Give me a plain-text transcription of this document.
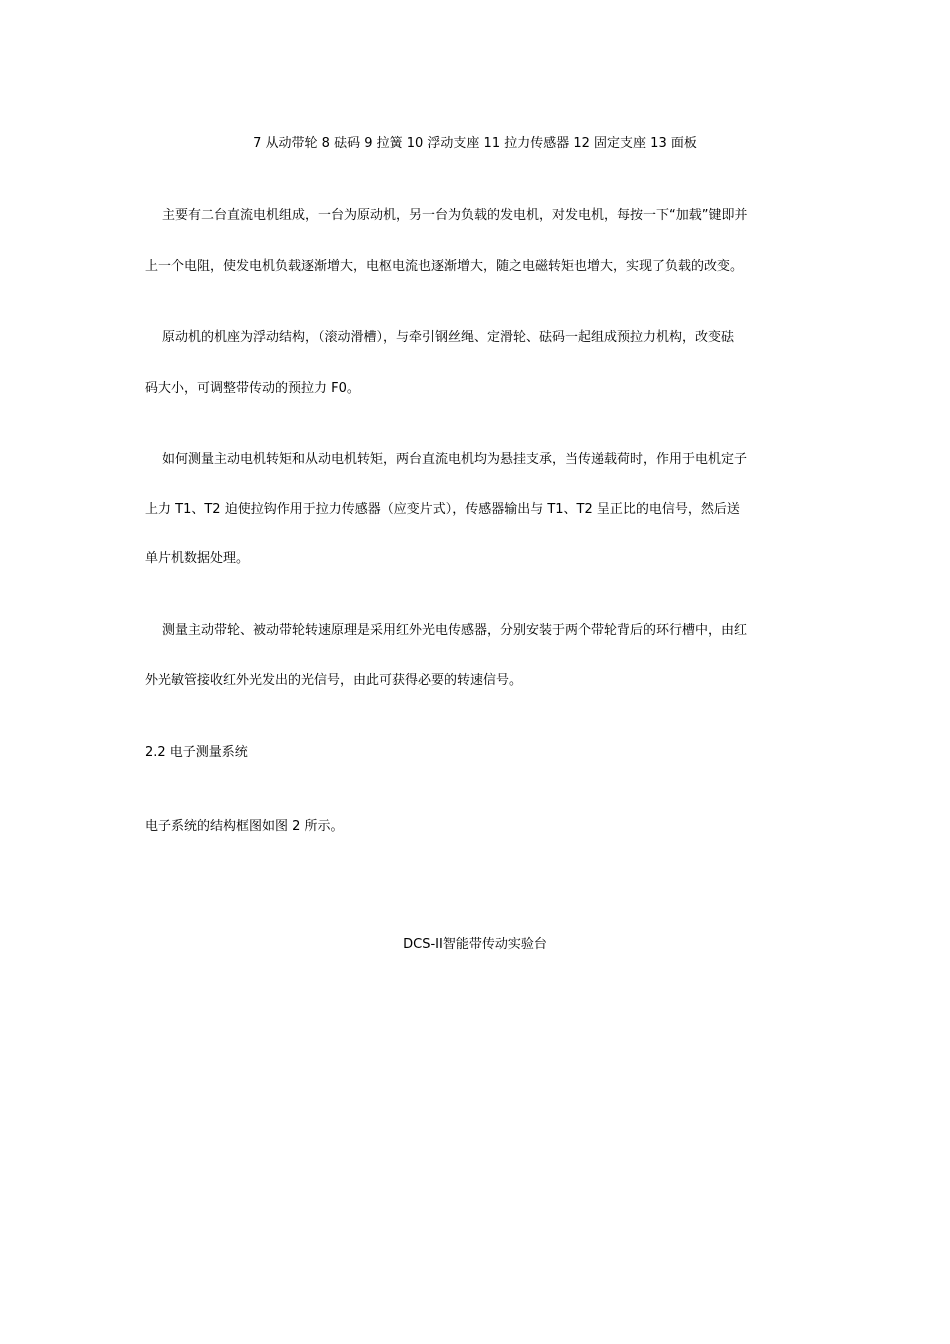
7 从动带轮 8 砝码 9 拉簧 10 浮动支座 11 拉力传感器 12 固定支座 13 面板
主要有二台直流电机组成，一台为原动机，另一台为负载的发电机，对发电机，每按一下“加载”键即并
上一个电阻，使发电机负载逐渐增大，电枢电流也逐渐增大，随之电磁转矩也增大，实现了负载的改变。
原动机的机座为浮动结构，（滚动滑槽），与牵引钢丝绳、定滑轮、砝码一起组成预拉力机构，改变砝
码大小，可调整带传动的预拉力 F0。
如何测量主动电机转矩和从动电机转矩，两台直流电机均为悬挂支承，当传递载荷时，作用于电机定子
上力 T1、T2 迫使拉钩作用于拉力传感器（应变片式），传感器输出与 T1、T2 呈正比的电信号，然后送
单片机数据处理。
测量主动带轮、被动带轮转速原理是采用红外光电传感器，分别安装于两个带轮背后的环行槽中，由红
外光敏管接收红外光发出的光信号，由此可获得必要的转速信号。
2.2 电子测量系统
电子系统的结构框图如图 2 所示。
DCS-II智能带传动实验台
